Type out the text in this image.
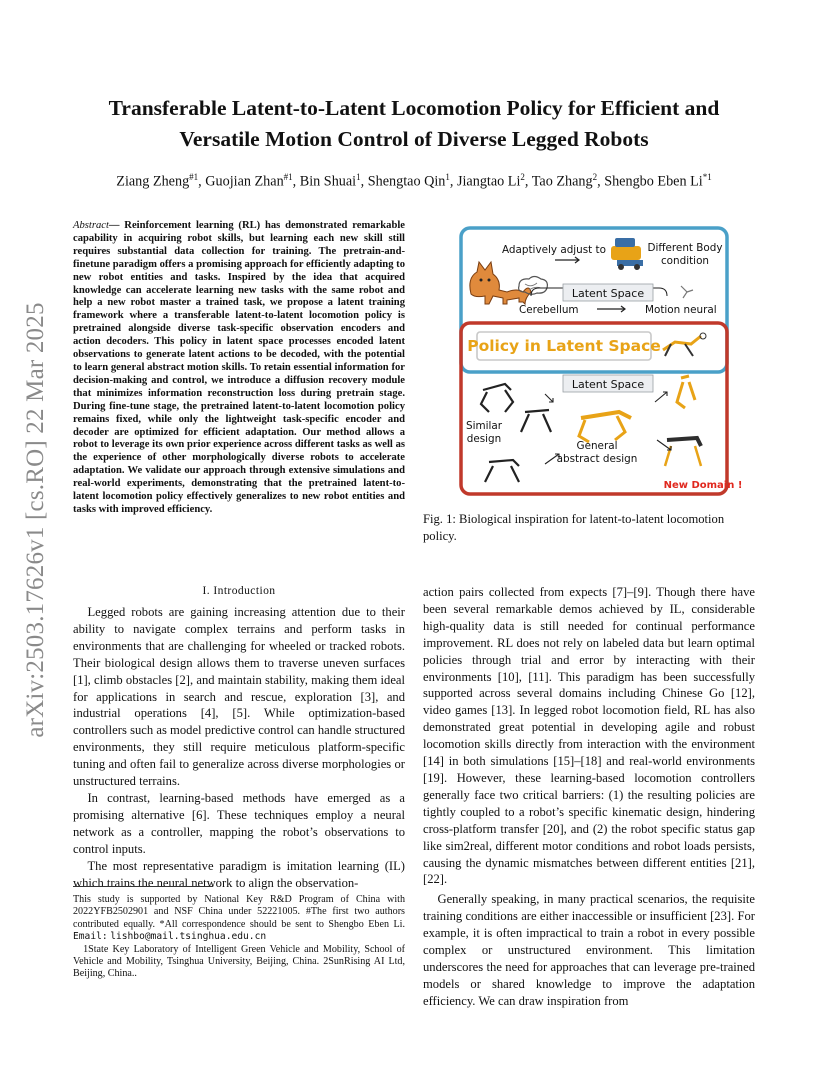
arXiv:2503.17626v1 [cs.RO] 22 Mar 2025
Transferable Latent-to-Latent Locomotion Policy for Efficient and
Versatile Motion Control of Diverse Legged Robots
Ziang Zheng$^{\#1}$, Guojian Zhan$^{\#1}$, Bin Shuai$^1$, Shengtao Qin$^1$, Jiangtao Li$^2$, Tao Zhang$^2$, Shengbo Eben Li$^{*1}$
Abstract— Reinforcement learning (RL) has demonstrated remarkable capability in acquiring robot skills, but learning each new skill still requires substantial data collection for training. The pretrain-and-finetune paradigm offers a promising approach for efficiently adapting to new robot entities and tasks. Inspired by the idea that acquired knowledge can accelerate learning new tasks with the same robot and help a new robot master a trained task, we propose a latent training framework where a transferable latent-to-latent locomotion policy is pretrained alongside diverse task-specific observation encoders and action decoders. This policy in latent space processes encoded latent observations to generate latent actions to be decoded, with the potential to learn general abstract motion skills. To retain essential information for decision-making and control, we introduce a diffusion recovery module that minimizes information reconstruction loss during pretrain stage. During fine-tune stage, the pretrained latent-to-latent locomotion policy remains fixed, while only the lightweight task-specific encoder and decoder are optimized for efficient adaptation. Our method allows a robot to leverage its own prior experience across different tasks as well as the experience of other morphologically diverse robots to accelerate adaptation. We validate our approach through extensive simulations and real-world experiments, demonstrating that the pretrained latent-to-latent locomotion policy effectively generalizes to new robot entities and tasks with improved efficiency.
I. Introduction

Legged robots are gaining increasing attention due to their ability to navigate complex terrains and perform tasks in environments that are challenging for wheeled or tracked robots. Their biological design allows them to traverse uneven surfaces [1], climb obstacles [2], and maintain stability, making them ideal for applications in search and rescue, exploration [3], and industrial operations [4], [5]. While optimization-based controllers such as model predictive control can handle structured environments, they still require meticulous platform-specific tuning and often fail to generalize across diverse morphologies or unstructured terrains.

In contrast, learning-based methods have emerged as a promising alternative [6]. These techniques employ a neural network as a controller, mapping the robot’s observations to control inputs.

The most representative paradigm is imitation learning (IL) which trains the neural network to align the observation-

This study is supported by National Key R&D Program of China with 2022YFB2502901 and NSF China under 52221005. #The first two authors contributed equally. *All correspondence should be sent to Shengbo Eben Li. Email: lishbo@mail.tsinghua.edu.cn

1State Key Laboratory of Intelligent Green Vehicle and Mobility, School of Vehicle and Mobility, Tsinghua University, Beijing, China. 2SunRising AI Ltd, Beijing, China..

Adaptively adjust to	Different Body
condition
Latent Space
Cerebellum	Motion neural
Policy in Latent Space
Latent Space
Similar
design
General
abstract design
New Domain !
Fig. 1: Biological inspiration for latent-to-latent locomotion policy.

action pairs collected from expects [7]–[9]. Though there have been several remarkable demos achieved by IL, considerable high-quality data is still needed for continual performance improvement. RL does not rely on labeled data but learn optimal policies through trial and error by interacting with their environments [10], [11]. This paradigm has been successfully supported across several domains including Chinese Go [12], video games [13]. In legged robot locomotion field, RL has also demonstrated great potential in developing agile and robust locomotion skills directly from interaction with the environment [14] in both simulations [15]–[18] and real-world environments [19]. However, these learning-based locomotion controllers generally face two critical barriers: (1) the resulting policies are tightly coupled to a robot’s specific kinematic design, hindering cross-platform transfer [20], and (2) the robot specific status gap like sim2real, different motor conditions and robot loads persists, causing the dynamic mismatches between different entities [21], [22].

Generally speaking, in many practical scenarios, the requisite training conditions are either inaccessible or insufficient [23]. For example, it is often impractical to train a robot in every possible complex or unstructured environment. This limitation underscores the need for approaches that can leverage pre-trained models or shared knowledge to improve the adaptation efficiency. We can draw inspiration from
